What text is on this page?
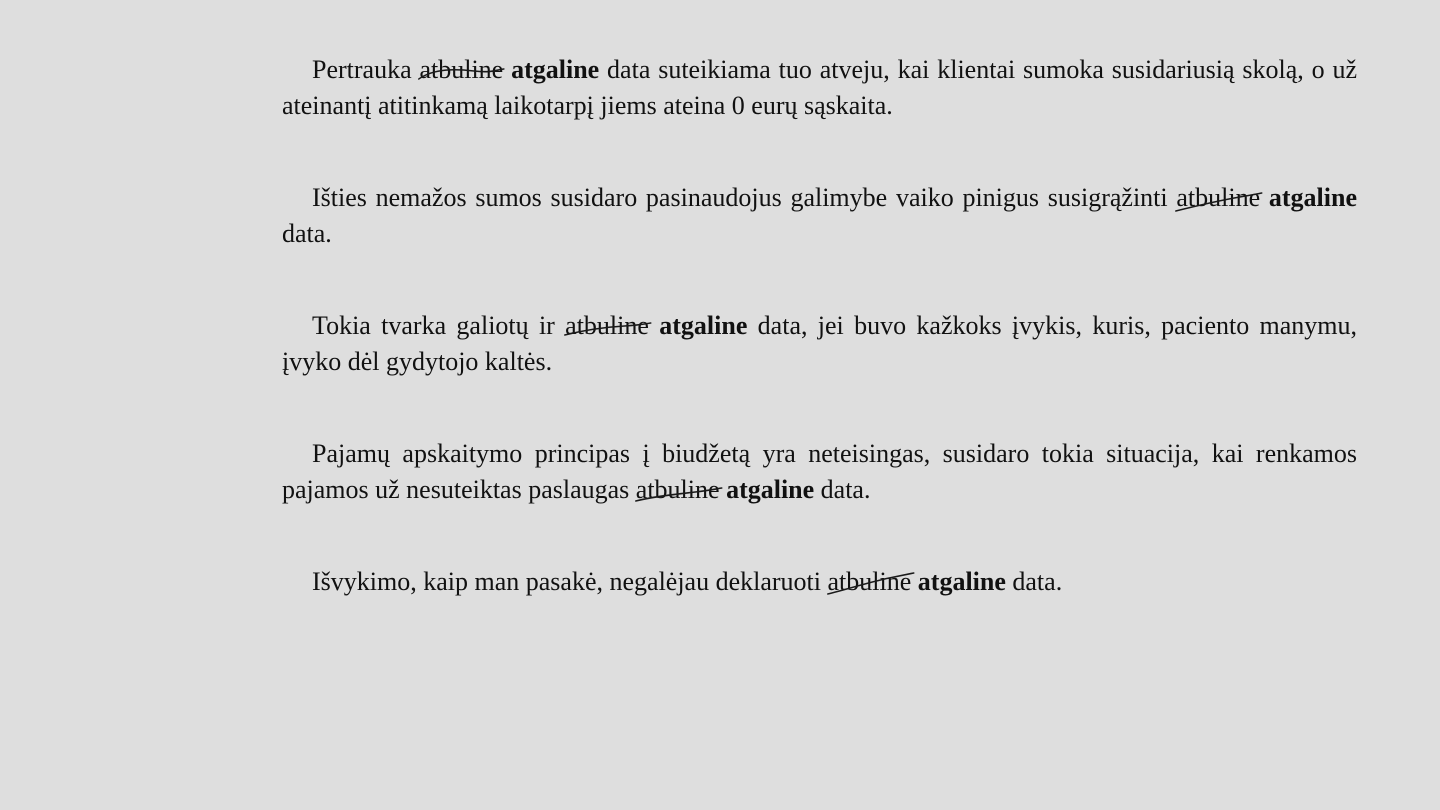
Pertrauka atbuline atgaline data suteikiama tuo atveju, kai klientai sumoka susidariusią skolą, o už ateinantį atitinkamą laikotarpį jiems ateina 0 eurų sąskaita.

Išties nemažos sumos susidaro pasinaudojus galimybe vaiko pinigus susigrąžinti atbuline atgaline data.

Tokia tvarka galiotų ir atbuline atgaline data, jei buvo kažkoks įvykis, kuris, paciento manymu, įvyko dėl gydytojo kaltės.

Pajamų apskaitymo principas į biudžetą yra neteisingas, susidaro tokia situacija, kai renkamos pajamos už nesuteiktas paslaugas atbuline atgaline data.

Išvykimo, kaip man pasakė, negalėjau deklaruoti atbuline atgaline data.
